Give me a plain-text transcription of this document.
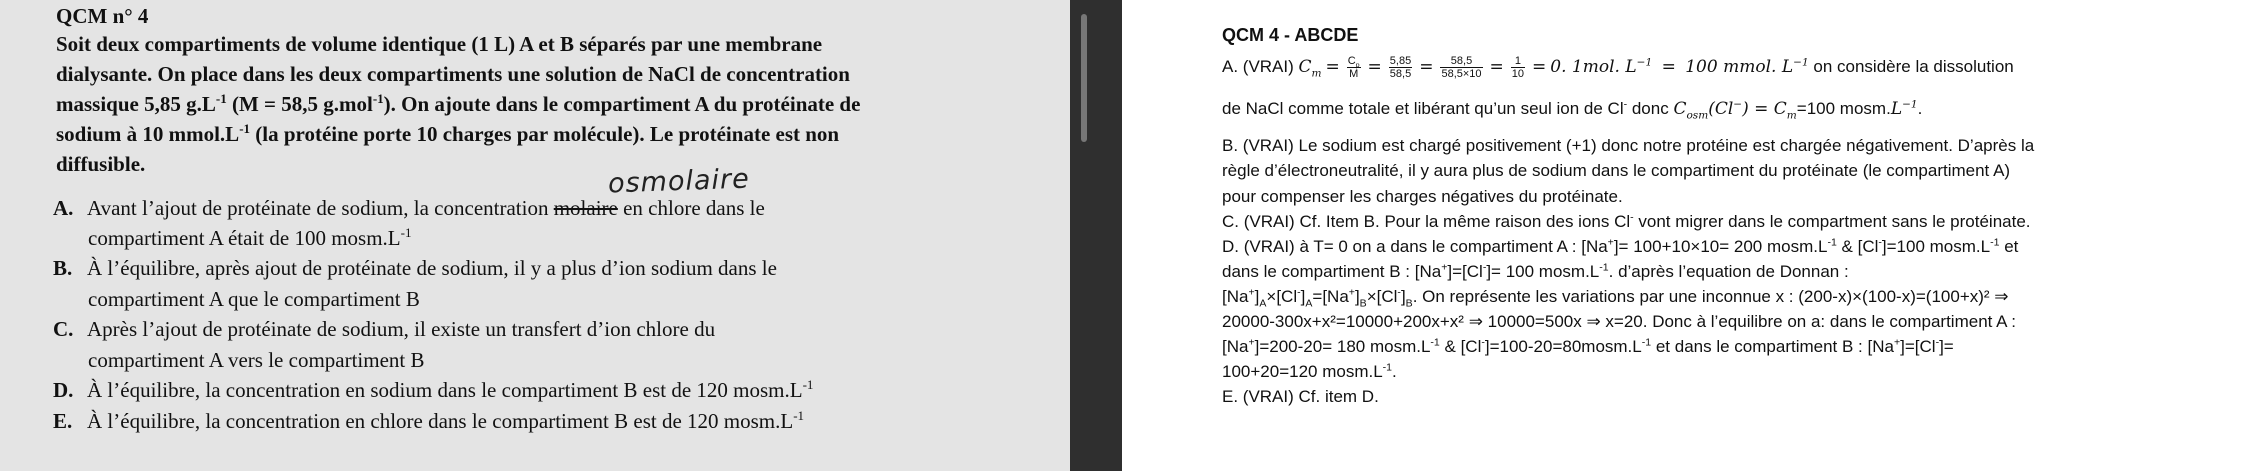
QCM n° 4
Soit deux compartiments de volume identique (1 L) A et B séparés par une membrane
dialysante. On place dans les deux compartiments une solution de NaCl de concentration
massique 5,85 $g.L^{-1}$ (M = 58,5 g.mol$^{-1}$). On ajoute dans le compartiment A du protéinate de
sodium à 10 $mmol.L^{-1}$ (la protéine porte 10 charges par molécule). Le protéinate est non
diffusible.	osmolaire
A. Avant l’ajout de protéinate de sodium, la concentration molaire en chlore dans le
compartiment A était de 100 $mosm.L^{-1}$
B. À l’équilibre, après ajout de protéinate de sodium, il y a plus d’ion sodium dans le
compartiment A que le compartiment B
C. Après l’ajout de protéinate de sodium, il existe un transfert d’ion chlore du
compartiment A vers le compartiment B
D. À l’équilibre, la concentration en sodium dans le compartiment B est de 120 $mosm.L^{-1}$
E. À l’équilibre, la concentration en chlore dans le compartiment B est de 120 $mosm.L^{-1}$
QCM 4 - ABCDE
A. (VRAI) $C_m = \frac{C_p}{M} = \frac{5,85}{58,5} = \frac{58,5}{58,5\times 10} = \frac{1}{10} = 0$. 1mol. $L^{-1} = 100$ mmol. $L^{-1}$ on considère la dissolution
de NaCl comme totale et libérant qu’un seul ion de Cl- donc $C_{osm}(Cl^-) = C_m=100$ $mosm.L^{-1}$.
B. (VRAI) Le sodium est chargé positivement (+1) donc notre protéine est chargée négativement. D’après la
règle d’électroneutralité, il y aura plus de sodium dans le compartiment du protéinate (le compartiment A)
pour compenser les charges négatives du protéinate.
C. (VRAI) Cf. Item B. Pour la même raison des ions Cl- vont migrer dans le compartment sans le protéinate.
D. (VRAI) à T= 0 on a dans le compartiment A : [Na+]= 100+10×10= 200 $mosm.L^{-1}$ & [Cl-]=100 $mosm.L^{-1}$ et
dans le compartiment B : [Na+]=[Cl-]= 100 $mosm.L^{-1}$. d’après l’equation de Donnan :
$[Na^+]_A\times[Cl^-]_A=[Na^+]_B\times[Cl^-]_B$. On représente les variations par une inconnue x : (200-x)×(100-x)=(100+x)² ⇒
20000-300x+x²=10000+200x+x² ⇒ 10000=500x ⇒ x=20. Donc à l’equilibre on a: dans le compartiment A :
[Na+]=200-20= 180 $mosm.L^{-1}$ & $[Cl^-]=100-20=80mosm.L^{-1}$ et dans le compartiment B : [Na+]=[Cl-]=
100+20=120 $mosm.L^{-1}$.
E. (VRAI) Cf. item D.
